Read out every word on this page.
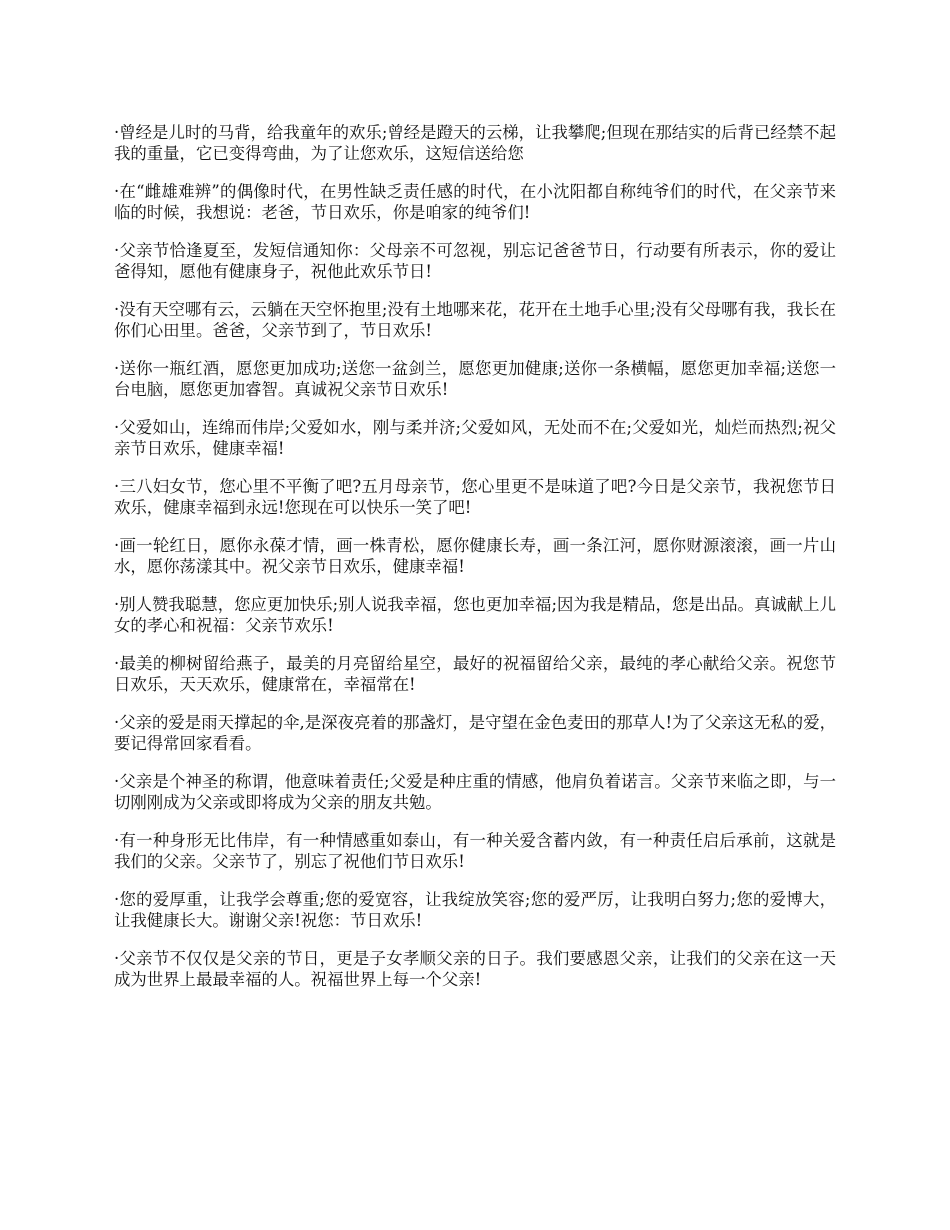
·曾经是儿时的马背，给我童年的欢乐;曾经是蹬天的云梯，让我攀爬;但现在那结实的后背已经禁不起我的重量，它已变得弯曲，为了让您欢乐，这短信送给您

·在“雌雄难辨”的偶像时代，在男性缺乏责任感的时代，在小沈阳都自称纯爷们的时代，在父亲节来临的时候，我想说：老爸，节日欢乐，你是咱家的纯爷们!

·父亲节恰逢夏至，发短信通知你：父母亲不可忽视，别忘记爸爸节日，行动要有所表示，你的爱让爸得知，愿他有健康身子，祝他此欢乐节日!

·没有天空哪有云，云躺在天空怀抱里;没有土地哪来花，花开在土地手心里;没有父母哪有我，我长在你们心田里。爸爸，父亲节到了，节日欢乐!

·送你一瓶红酒，愿您更加成功;送您一盆剑兰，愿您更加健康;送你一条横幅，愿您更加幸福;送您一台电脑，愿您更加睿智。真诚祝父亲节日欢乐!

·父爱如山，连绵而伟岸;父爱如水，刚与柔并济;父爱如风，无处而不在;父爱如光，灿烂而热烈;祝父亲节日欢乐，健康幸福!

·三八妇女节，您心里不平衡了吧?五月母亲节，您心里更不是味道了吧?今日是父亲节，我祝您节日欢乐，健康幸福到永远!您现在可以快乐一笑了吧!

·画一轮红日，愿你永葆才情，画一株青松，愿你健康长寿，画一条江河，愿你财源滚滚，画一片山水，愿你荡漾其中。祝父亲节日欢乐，健康幸福!

·别人赞我聪慧，您应更加快乐;别人说我幸福，您也更加幸福;因为我是精品，您是出品。真诚献上儿女的孝心和祝福：父亲节欢乐!

·最美的柳树留给燕子，最美的月亮留给星空，最好的祝福留给父亲，最纯的孝心献给父亲。祝您节日欢乐，天天欢乐，健康常在，幸福常在!

·父亲的爱是雨天撑起的伞,是深夜亮着的那盏灯，是守望在金色麦田的那草人!为了父亲这无私的爱，要记得常回家看看。

·父亲是个神圣的称谓，他意味着责任;父爱是种庄重的情感，他肩负着诺言。父亲节来临之即，与一切刚刚成为父亲或即将成为父亲的朋友共勉。

·有一种身形无比伟岸，有一种情感重如泰山，有一种关爱含蓄内敛，有一种责任启后承前，这就是我们的父亲。父亲节了，别忘了祝他们节日欢乐!

·您的爱厚重，让我学会尊重;您的爱宽容，让我绽放笑容;您的爱严厉，让我明白努力;您的爱博大，让我健康长大。谢谢父亲!祝您：节日欢乐!

·父亲节不仅仅是父亲的节日，更是子女孝顺父亲的日子。我们要感恩父亲，让我们的父亲在这一天成为世界上最最幸福的人。祝福世界上每一个父亲!
